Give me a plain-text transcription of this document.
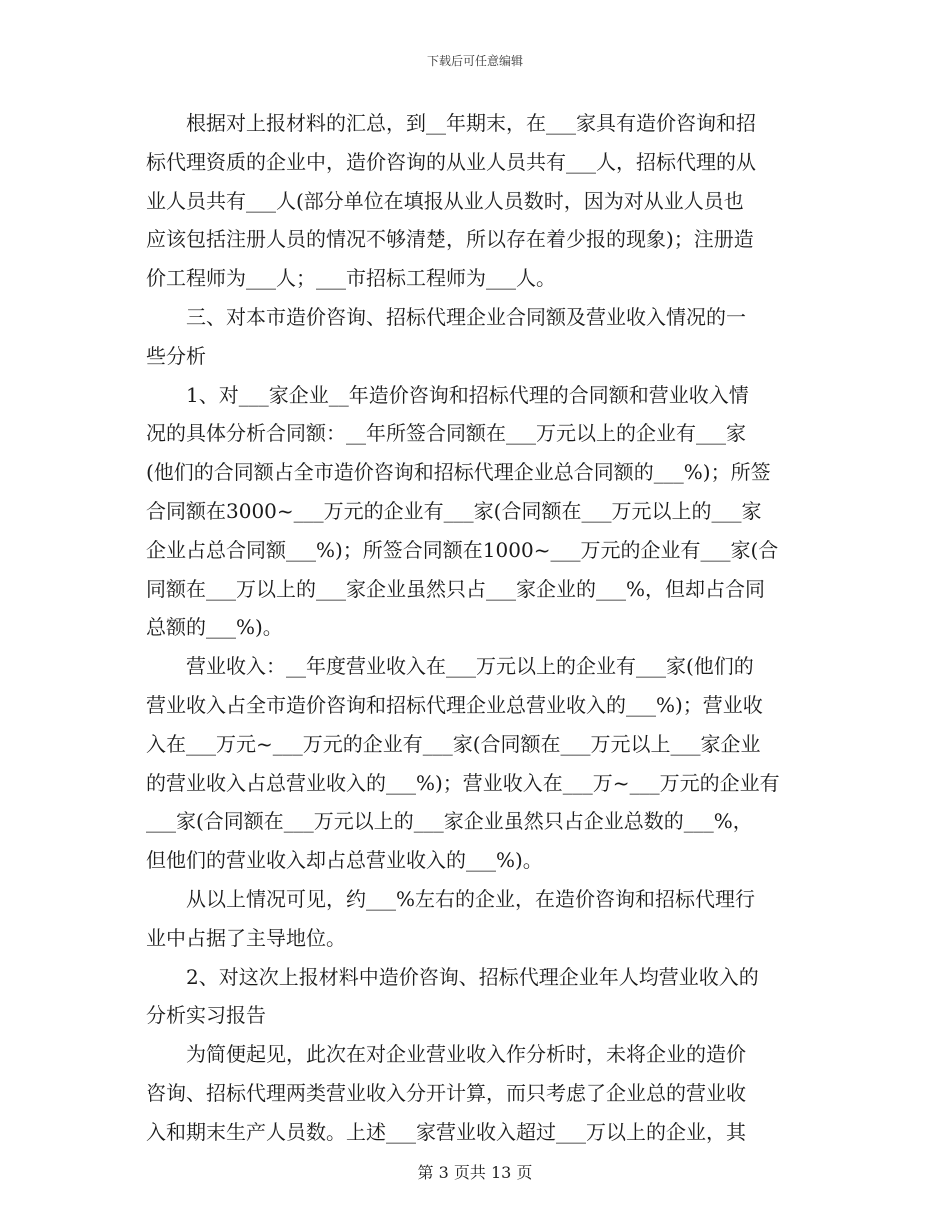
下载后可任意编辑
　　根据对上报材料的汇总，到__年期末，在___家具有造价咨询和招
标代理资质的企业中，造价咨询的从业人员共有___人，招标代理的从
业人员共有___人(部分单位在填报从业人员数时，因为对从业人员也
应该包括注册人员的情况不够清楚，所以存在着少报的现象)；注册造
价工程师为___人；___市招标工程师为___人。
　　三、对本市造价咨询、招标代理企业合同额及营业收入情况的一
些分析
　　1、对___家企业__年造价咨询和招标代理的合同额和营业收入情
况的具体分析合同额：__年所签合同额在___万元以上的企业有___家
(他们的合同额占全市造价咨询和招标代理企业总合同额的___%)；所签
合同额在3000~___万元的企业有___家(合同额在___万元以上的___家
企业占总合同额___%)；所签合同额在1000~___万元的企业有___家(合
同额在___万以上的___家企业虽然只占___家企业的___%，但却占合同
总额的___%)。
　　营业收入：__年度营业收入在___万元以上的企业有___家(他们的
营业收入占全市造价咨询和招标代理企业总营业收入的___%)；营业收
入在___万元~___万元的企业有___家(合同额在___万元以上___家企业
的营业收入占总营业收入的___%)；营业收入在___万~___万元的企业有
___家(合同额在___万元以上的___家企业虽然只占企业总数的___%，
但他们的营业收入却占总营业收入的___%)。
　　从以上情况可见，约___%左右的企业，在造价咨询和招标代理行
业中占据了主导地位。
　　2、对这次上报材料中造价咨询、招标代理企业年人均营业收入的
分析实习报告
　　为简便起见，此次在对企业营业收入作分析时，未将企业的造价
咨询、招标代理两类营业收入分开计算，而只考虑了企业总的营业收
入和期末生产人员数。上述___家营业收入超过___万以上的企业，其
第 3 页共 13 页
